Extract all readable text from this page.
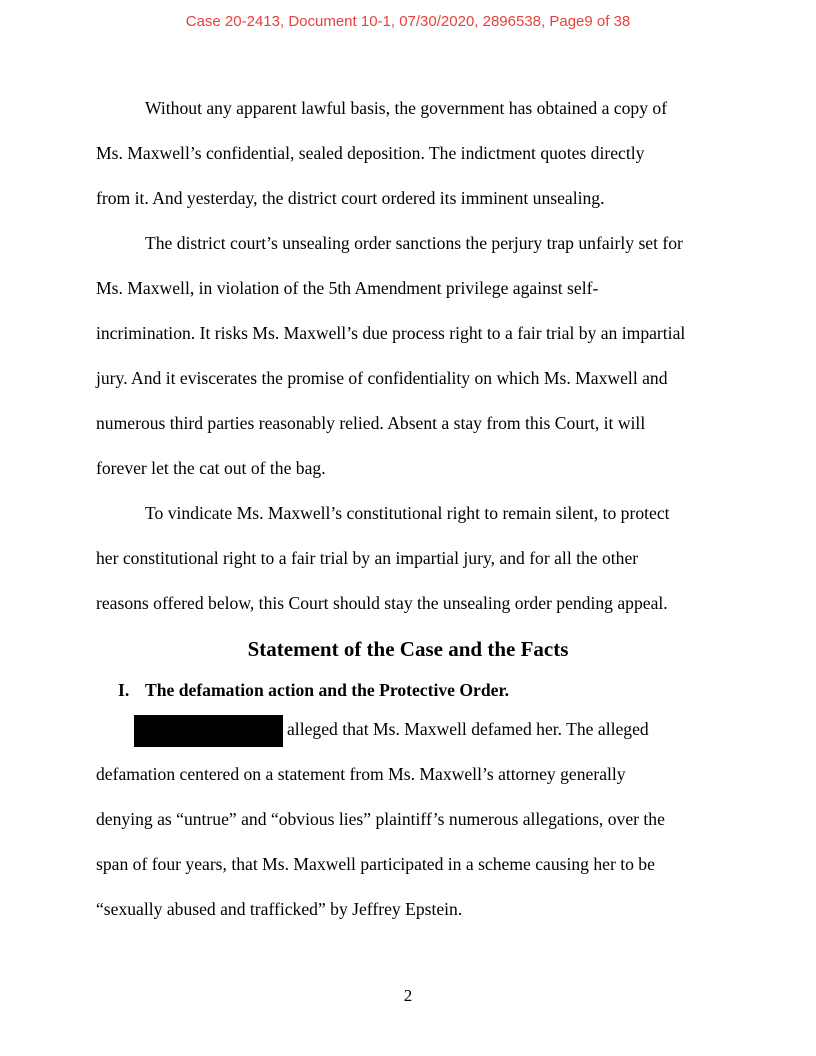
Case 20-2413, Document 10-1, 07/30/2020, 2896538, Page9 of 38
Without any apparent lawful basis, the government has obtained a copy of
Ms. Maxwell’s confidential, sealed deposition. The indictment quotes directly
from it. And yesterday, the district court ordered its imminent unsealing.
The district court’s unsealing order sanctions the perjury trap unfairly set for
Ms. Maxwell, in violation of the 5th Amendment privilege against self-
incrimination. It risks Ms. Maxwell’s due process right to a fair trial by an impartial
jury. And it eviscerates the promise of confidentiality on which Ms. Maxwell and
numerous third parties reasonably relied. Absent a stay from this Court, it will
forever let the cat out of the bag.
To vindicate Ms. Maxwell’s constitutional right to remain silent, to protect
her constitutional right to a fair trial by an impartial jury, and for all the other
reasons offered below, this Court should stay the unsealing order pending appeal.
Statement of the Case and the Facts
I. The defamation action and the Protective Order.
alleged that Ms. Maxwell defamed her. The alleged
defamation centered on a statement from Ms. Maxwell’s attorney generally
denying as “untrue” and “obvious lies” plaintiff’s numerous allegations, over the
span of four years, that Ms. Maxwell participated in a scheme causing her to be
“sexually abused and trafficked” by Jeffrey Epstein.
2
